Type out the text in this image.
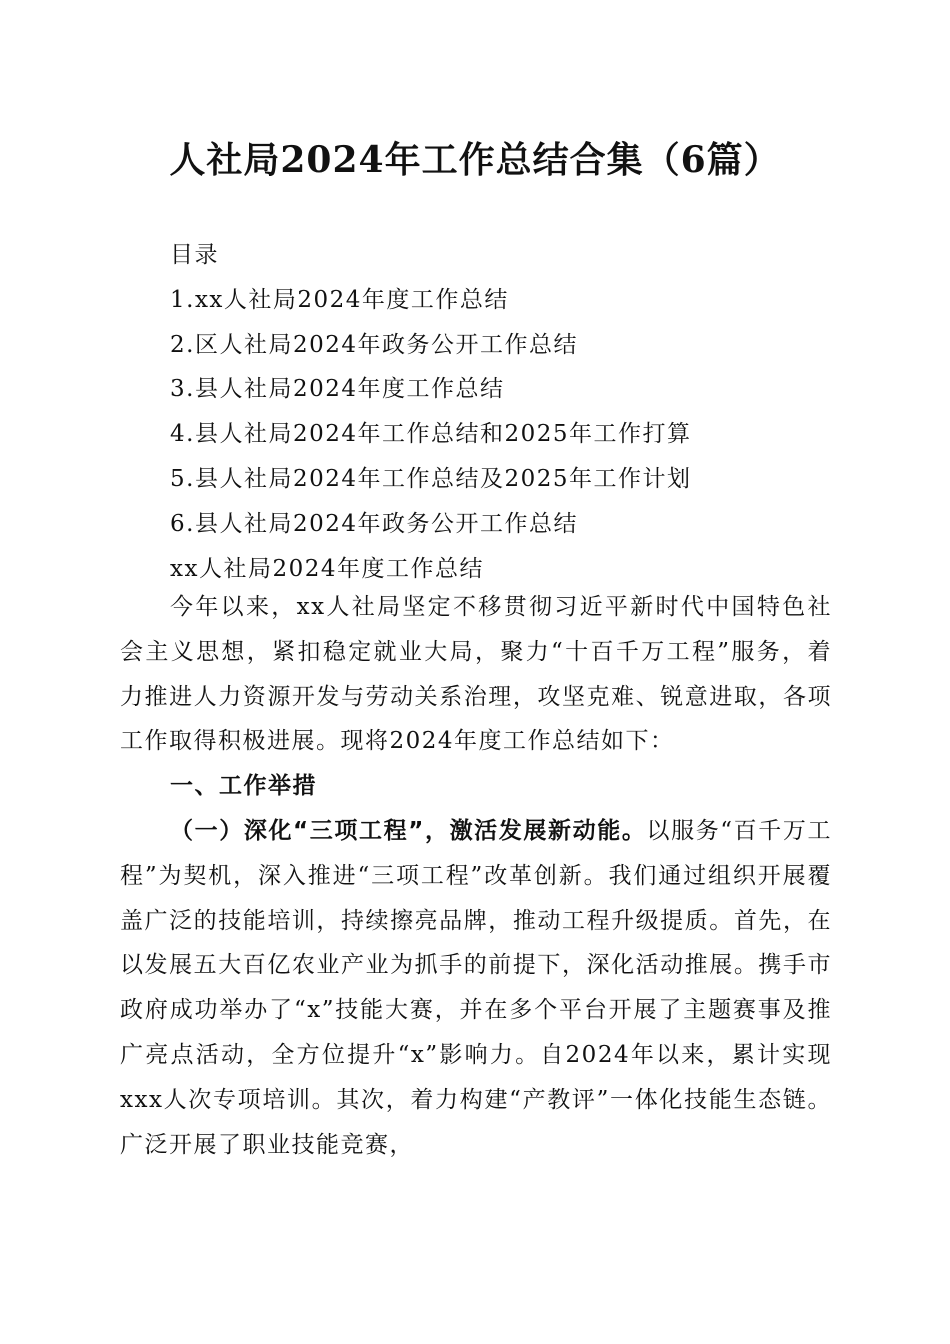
人社局2024年工作总结合集（6篇）
目录
1.xx人社局2024年度工作总结
2.区人社局2024年政务公开工作总结
3.县人社局2024年度工作总结
4.县人社局2024年工作总结和2025年工作打算
5.县人社局2024年工作总结及2025年工作计划
6.县人社局2024年政务公开工作总结
xx人社局2024年度工作总结

今年以来，xx人社局坚定不移贯彻习近平新时代中国特色社会主义思想，紧扣稳定就业大局，聚力“十百千万工程”服务，着力推进人力资源开发与劳动关系治理，攻坚克难、锐意进取，各项工作取得积极进展。现将2024年度工作总结如下：

一、工作举措

（一）深化“三项工程”，激活发展新动能。以服务“百千万工程”为契机，深入推进“三项工程”改革创新。我们通过组织开展覆盖广泛的技能培训，持续擦亮品牌，推动工程升级提质。首先，在以发展五大百亿农业产业为抓手的前提下，深化活动推展。携手市政府成功举办了“x”技能大赛，并在多个平台开展了主题赛事及推广亮点活动，全方位提升“x”影响力。自2024年以来，累计实现xxx人次专项培训。其次，着力构建“产教评”一体化技能生态链。广泛开展了职业技能竞赛，
